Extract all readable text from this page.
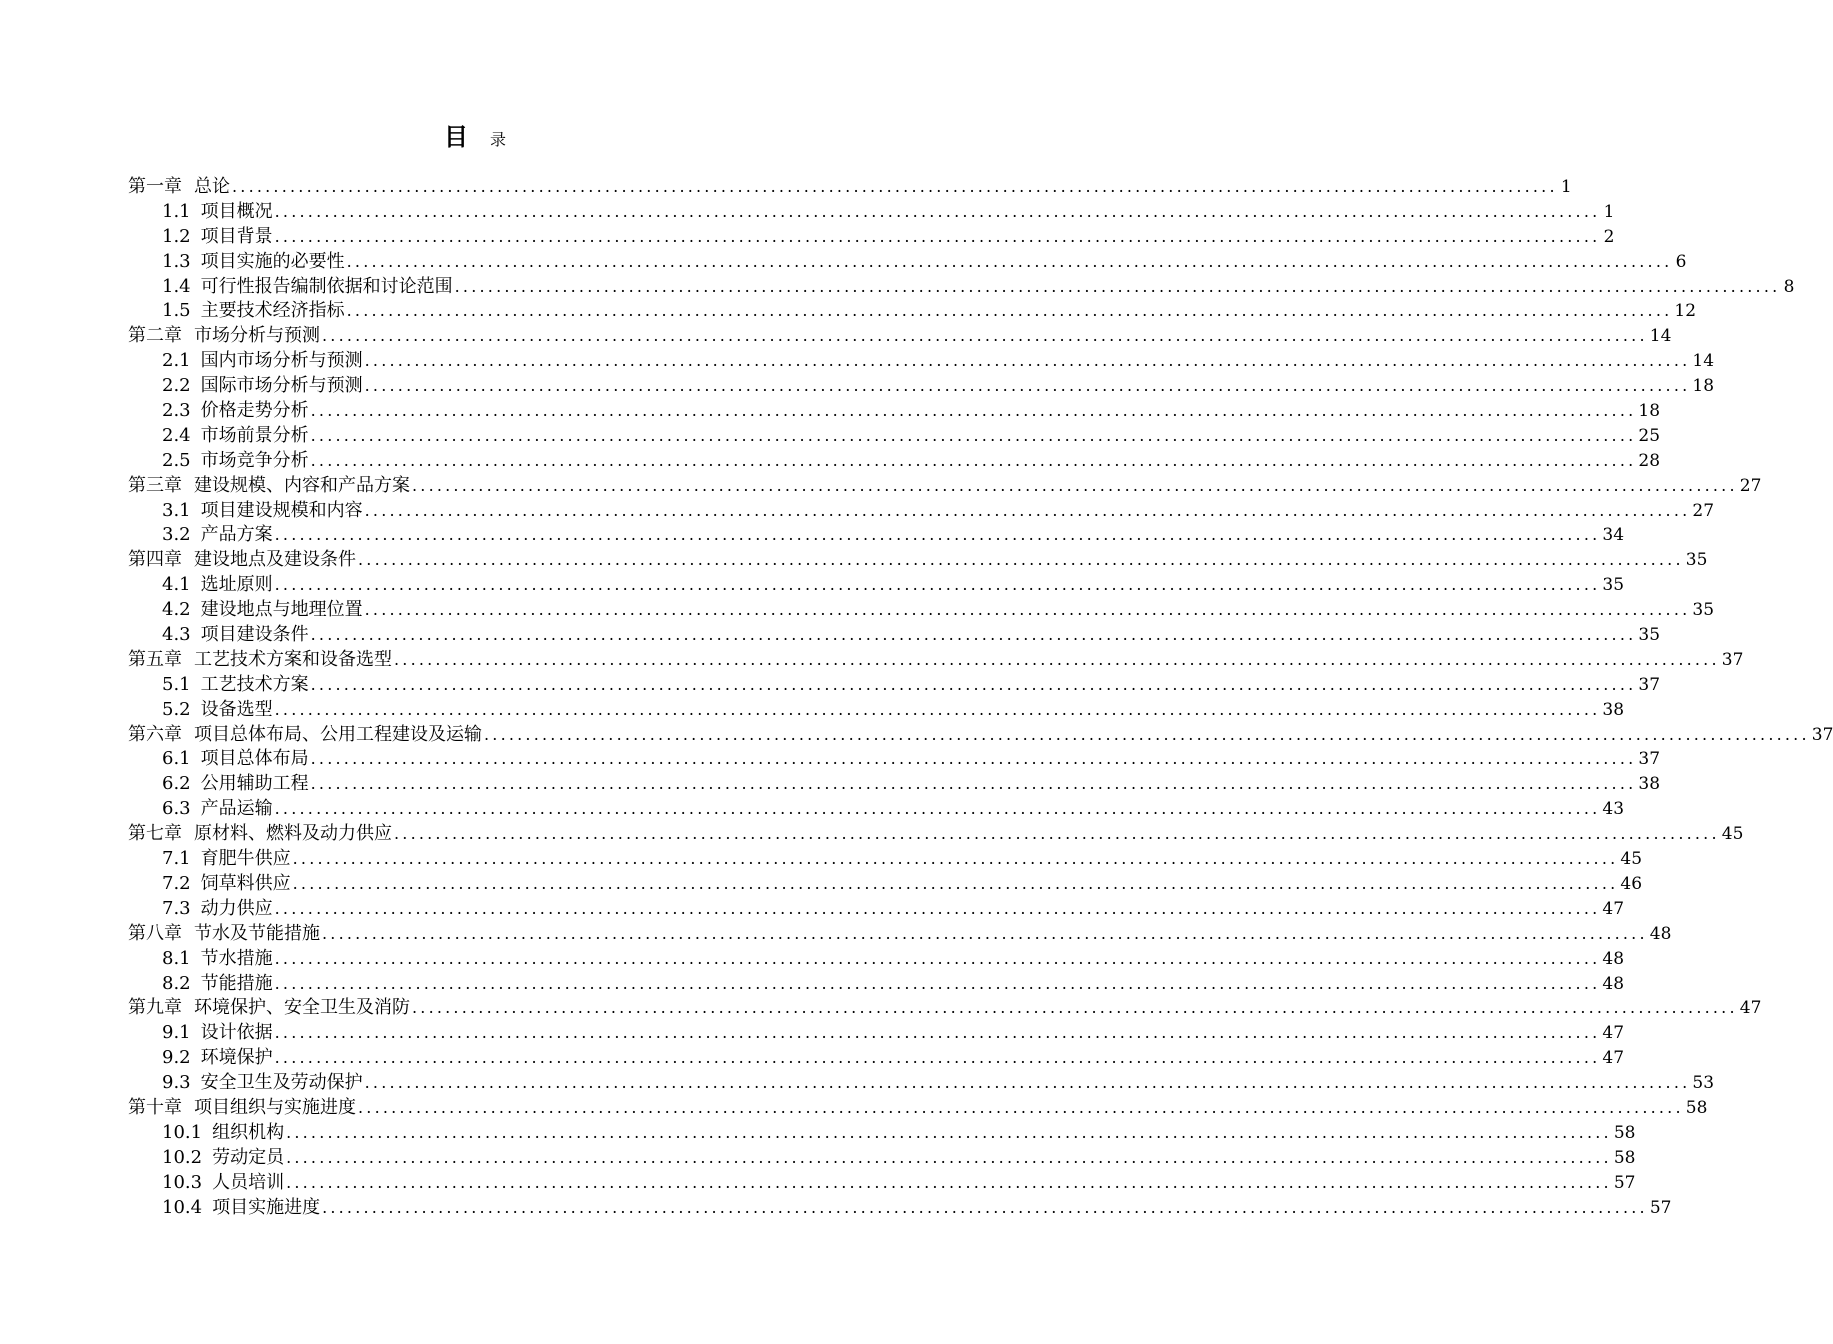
目 录
第一章 总论 ................................................................................................................................................................ 1
1.1 项目概况 ................................................................................................................................................................ 1
1.2 项目背景 ................................................................................................................................................................ 2
1.3 项目实施的必要性 ................................................................................................................................................................ 6
1.4 可行性报告编制依据和讨论范围 ................................................................................................................................................................ 8
1.5 主要技术经济指标 ................................................................................................................................................................ 12
第二章 市场分析与预测 ................................................................................................................................................................ 14
2.1 国内市场分析与预测 ................................................................................................................................................................ 14
2.2 国际市场分析与预测 ................................................................................................................................................................ 18
2.3 价格走势分析 ................................................................................................................................................................ 18
2.4 市场前景分析 ................................................................................................................................................................ 25
2.5 市场竞争分析 ................................................................................................................................................................ 28
第三章 建设规模、内容和产品方案 ................................................................................................................................................................ 27
3.1 项目建设规模和内容 ................................................................................................................................................................ 27
3.2 产品方案 ................................................................................................................................................................ 34
第四章 建设地点及建设条件 ................................................................................................................................................................ 35
4.1 选址原则 ................................................................................................................................................................ 35
4.2 建设地点与地理位置 ................................................................................................................................................................ 35
4.3 项目建设条件 ................................................................................................................................................................ 35
第五章 工艺技术方案和设备选型 ................................................................................................................................................................ 37
5.1 工艺技术方案 ................................................................................................................................................................ 37
5.2 设备选型 ................................................................................................................................................................ 38
第六章 项目总体布局、公用工程建设及运输 ................................................................................................................................................................ 37
6.1 项目总体布局 ................................................................................................................................................................ 37
6.2 公用辅助工程 ................................................................................................................................................................ 38
6.3 产品运输 ................................................................................................................................................................ 43
第七章 原材料、燃料及动力供应 ................................................................................................................................................................ 45
7.1 育肥牛供应 ................................................................................................................................................................ 45
7.2 饲草料供应 ................................................................................................................................................................ 46
7.3 动力供应 ................................................................................................................................................................ 47
第八章 节水及节能措施 ................................................................................................................................................................ 48
8.1 节水措施 ................................................................................................................................................................ 48
8.2 节能措施 ................................................................................................................................................................ 48
第九章 环境保护、安全卫生及消防 ................................................................................................................................................................ 47
9.1 设计依据 ................................................................................................................................................................ 47
9.2 环境保护 ................................................................................................................................................................ 47
9.3 安全卫生及劳动保护 ................................................................................................................................................................ 53
第十章 项目组织与实施进度 ................................................................................................................................................................ 58
10.1 组织机构 ................................................................................................................................................................ 58
10.2 劳动定员 ................................................................................................................................................................ 58
10.3 人员培训 ................................................................................................................................................................ 57
10.4 项目实施进度 ................................................................................................................................................................ 57
